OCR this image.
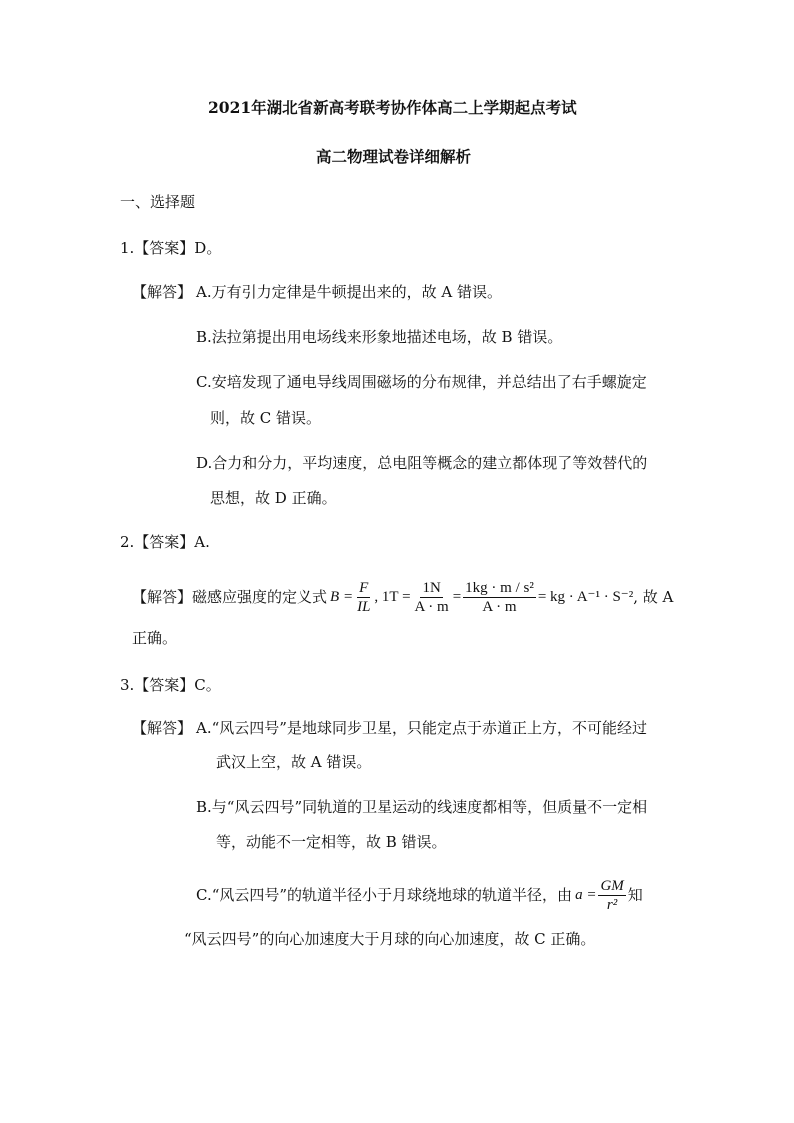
2021年湖北省新高考联考协作体高二上学期起点考试
高二物理试卷详细解析
一、选择题
1.【答案】D。
【解答】 A.万有引力定律是牛顿提出来的，故 A 错误。
B.法拉第提出用电场线来形象地描述电场，故 B 错误。
C.安培发现了通电导线周围磁场的分布规律，并总结出了右手螺旋定
则，故 C 错误。
D.合力和分力，平均速度，总电阻等概念的建立都体现了等效替代的
思想，故 D 正确。
2.【答案】A.
【解答】 磁感应强度的定义式 $B = \frac{F}{IL}$ , $1T = \frac{1N}{A \cdot m} = \frac{\text{1kg · m / s²}}{A \cdot m}$ = kg · A⁻¹ · S⁻² , 故 A
正确。
3.【答案】C。
【解答】 A.“风云四号”是地球同步卫星，只能定点于赤道正上方，不可能经过
武汉上空，故 A 错误。
B.与“风云四号”同轨道的卫星运动的线速度都相等，但质量不一定相
等，动能不一定相等，故 B 错误。
C.“风云四号”的轨道半径小于月球绕地球的轨道半径，由 $a = \frac{GM}{\text{r²}}$ 知
“风云四号”的向心加速度大于月球的向心加速度，故 C 正确。
